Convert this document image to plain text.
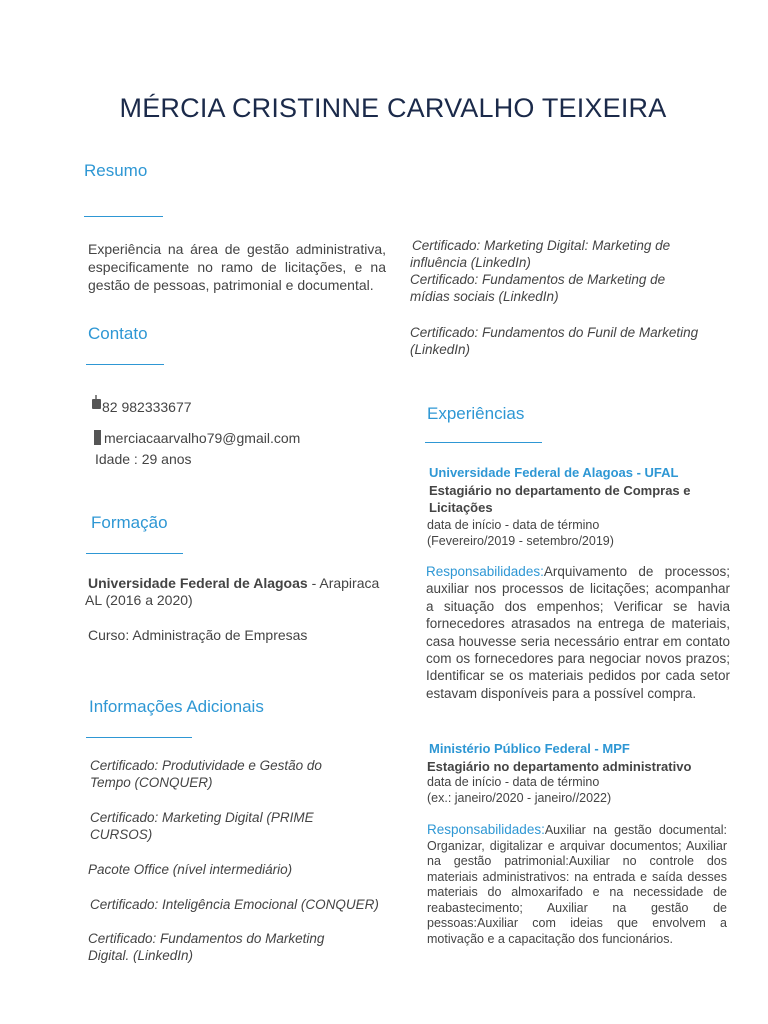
MÉRCIA CRISTINNE CARVALHO TEIXEIRA
Resumo
Experiência na área de gestão administrativa, especificamente no ramo de licitações, e na gestão de pessoas, patrimonial e documental.
Contato
82 982333677
merciacaarvalho79@gmail.com
Idade : 29 anos
Formação
Universidade Federal de Alagoas - Arapiraca
AL (2016 a 2020)
Curso: Administração de Empresas
Informações Adicionais
Certificado: Produtividade e Gestão do
Tempo (CONQUER)
Certificado: Marketing Digital (PRIME
CURSOS)
Pacote Office (nível intermediário)
Certificado: Inteligência Emocional (CONQUER)
Certificado: Fundamentos do Marketing
Digital. (LinkedIn)
Certificado: Marketing Digital: Marketing de
influência (LinkedIn)
Certificado: Fundamentos de Marketing de
mídias sociais (LinkedIn)
Certificado: Fundamentos do Funil de Marketing
(LinkedIn)
Experiências
Universidade Federal de Alagoas - UFAL
Estagiário no departamento de Compras e
Licitações
data de início - data de término
(Fevereiro/2019 - setembro/2019)
Responsabilidades:Arquivamento de processos; auxiliar nos processos de licitações; acompanhar a situação dos empenhos; Verificar se havia fornecedores atrasados na entrega de materiais, casa houvesse seria necessário entrar em contato com os fornecedores para negociar novos prazos; Identificar se os materiais pedidos por cada setor estavam disponíveis para a possível compra.
Ministério Público Federal - MPF
Estagiário no departamento administrativo
data de início - data de término
(ex.: janeiro/2020 - janeiro//2022)
Responsabilidades:Auxiliar na gestão documental: Organizar, digitalizar e arquivar documentos; Auxiliar na gestão patrimonial:Auxiliar no controle dos materiais administrativos: na entrada e saída desses materiais do almoxarifado e na necessidade de reabastecimento; Auxiliar na gestão de pessoas:Auxiliar com ideias que envolvem a motivação e a capacitação dos funcionários.
